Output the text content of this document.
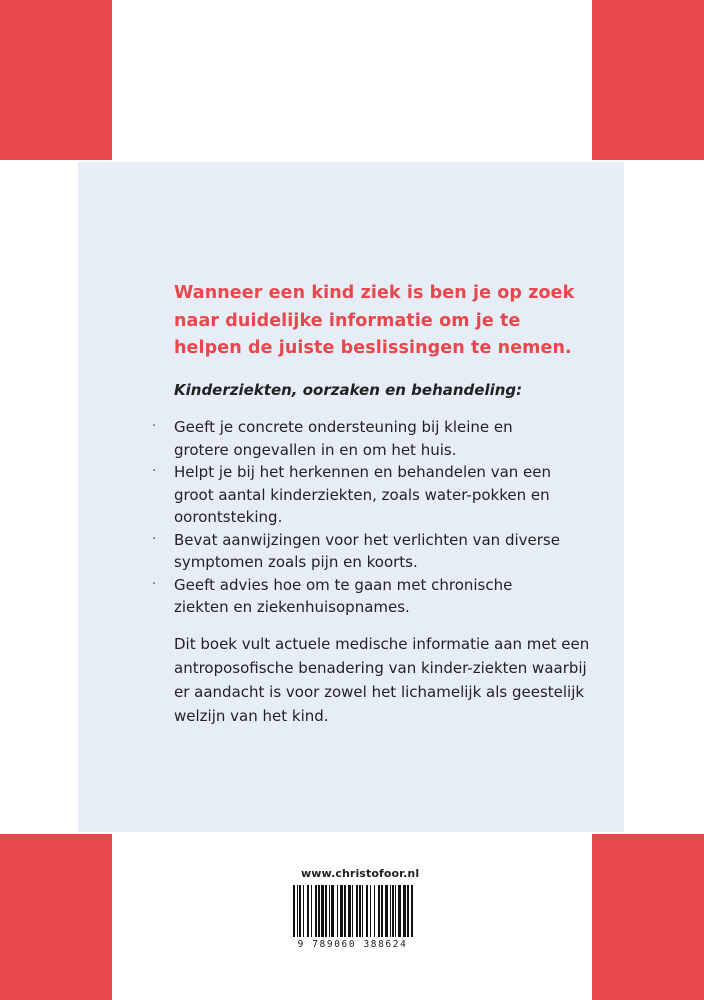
Wanneer een kind ziek is ben je op zoek naar duidelijke informatie om je te helpen de juiste beslissingen te nemen.
Kinderziekten, oorzaken en behandeling:
· Geeft je concrete ondersteuning bij kleine en grotere ongevallen in en om het huis.
· Helpt je bij het herkennen en behandelen van een groot aantal kinderziekten, zoals water-pokken en oorontsteking.
· Bevat aanwijzingen voor het verlichten van diverse symptomen zoals pijn en koorts.
· Geeft advies hoe om te gaan met chronische ziekten en ziekenhuisopnames.
Dit boek vult actuele medische informatie aan met een antroposofische benadering van kinder-ziekten waarbij er aandacht is voor zowel het lichamelijk als geestelijk welzijn van het kind.
www.christofoor.nl
9 789060 388624
